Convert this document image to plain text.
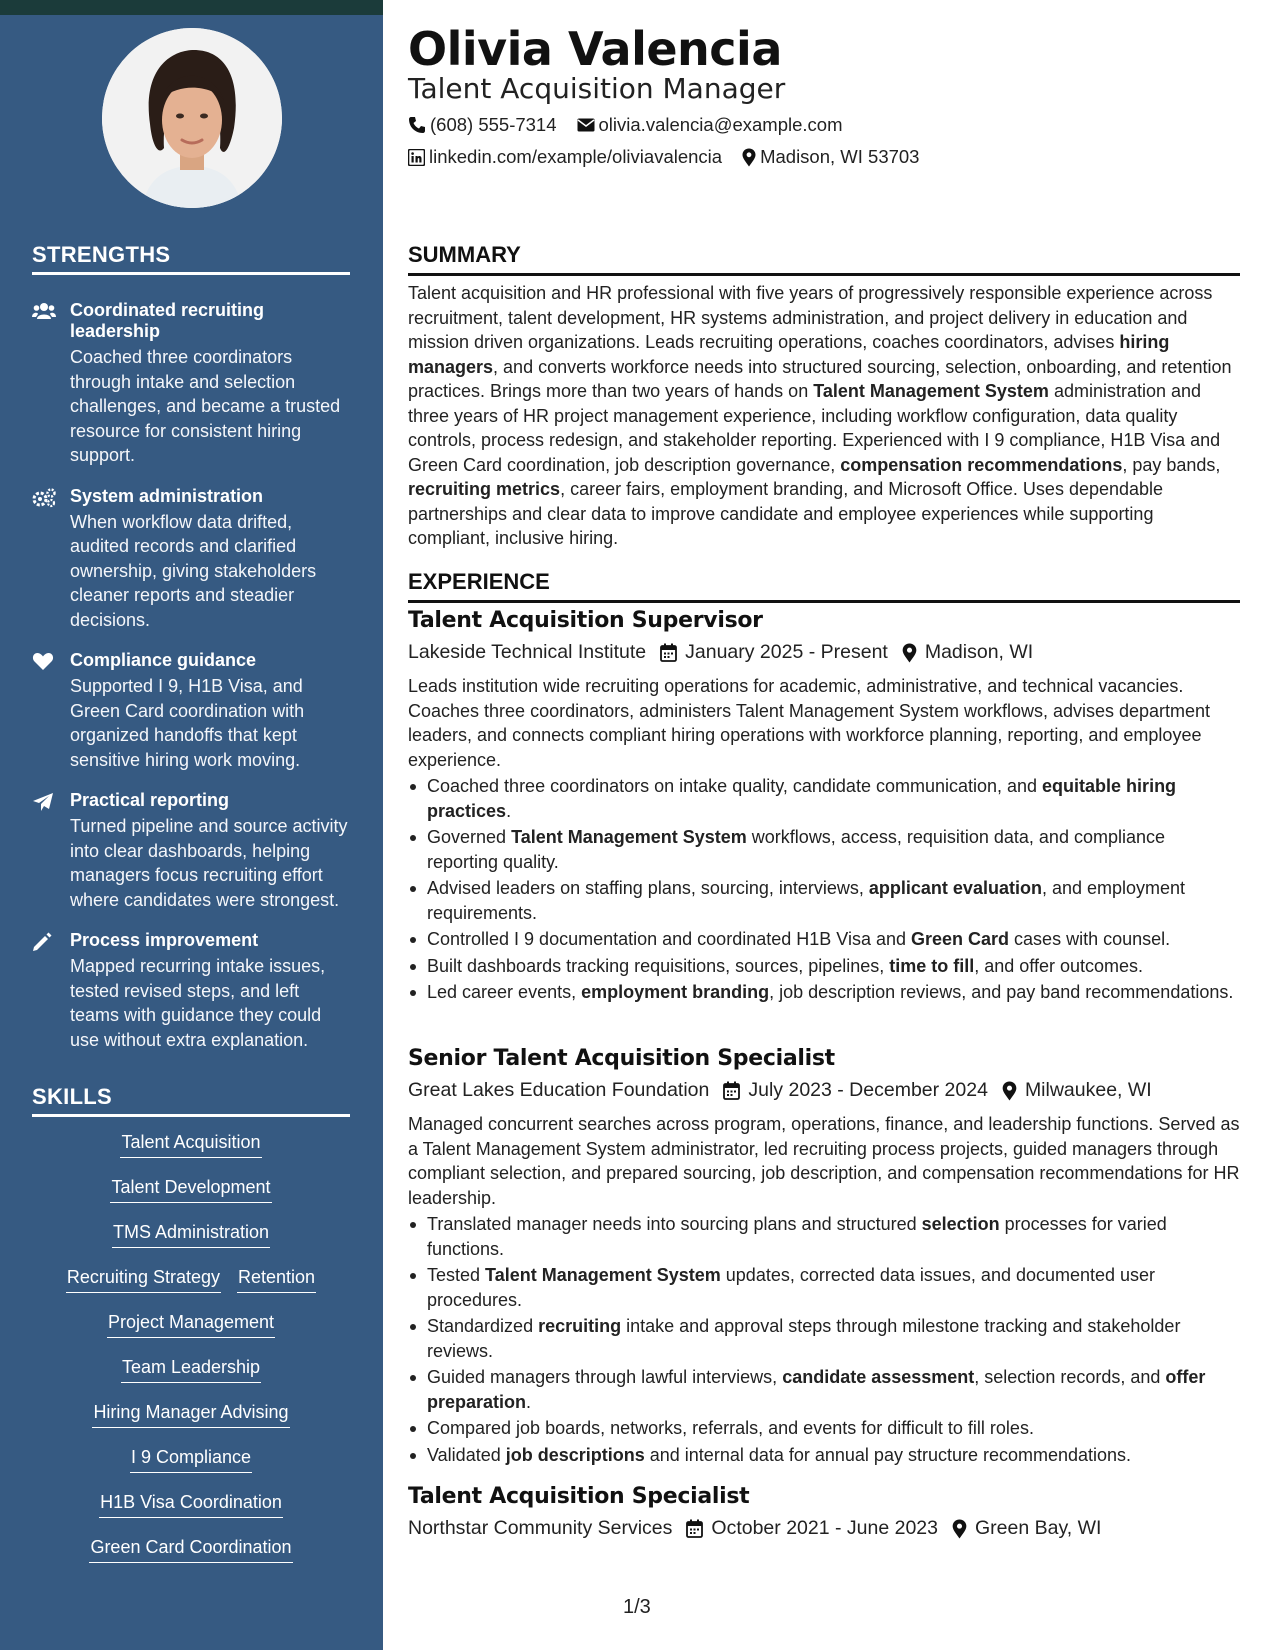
STRENGTHS
Coordinated recruiting leadership
Coached three coordinators through intake and selection challenges, and became a trusted resource for consistent hiring support.
System administration
When workflow data drifted, audited records and clarified ownership, giving stakeholders cleaner reports and steadier decisions.
Compliance guidance
Supported I 9, H1B Visa, and Green Card coordination with organized handoffs that kept sensitive hiring work moving.
Practical reporting
Turned pipeline and source activity into clear dashboards, helping managers focus recruiting effort where candidates were strongest.
Process improvement
Mapped recurring intake issues, tested revised steps, and left teams with guidance they could use without extra explanation.
SKILLS
Talent Acquisition
Talent Development
TMS Administration
Recruiting Strategy Retention
Project Management
Team Leadership
Hiring Manager Advising
I 9 Compliance
H1B Visa Coordination
Green Card Coordination
Olivia Valencia
Talent Acquisition Manager
(608) 555-7314 olivia.valencia@example.com
linkedin.com/example/oliviavalencia Madison, WI 53703
SUMMARY
Talent acquisition and HR professional with five years of progressively responsible experience across recruitment, talent development, HR systems administration, and project delivery in education and mission driven organizations. Leads recruiting operations, coaches coordinators, advises hiring managers, and converts workforce needs into structured sourcing, selection, onboarding, and retention practices. Brings more than two years of hands on Talent Management System administration and three years of HR project management experience, including workflow configuration, data quality controls, process redesign, and stakeholder reporting. Experienced with I 9 compliance, H1B Visa and Green Card coordination, job description governance, compensation recommendations, pay bands, recruiting metrics, career fairs, employment branding, and Microsoft Office. Uses dependable partnerships and clear data to improve candidate and employee experiences while supporting compliant, inclusive hiring.
EXPERIENCE
Talent Acquisition Supervisor
Lakeside Technical Institute January 2025 - Present Madison, WI
Leads institution wide recruiting operations for academic, administrative, and technical vacancies. Coaches three coordinators, administers Talent Management System workflows, advises department leaders, and connects compliant hiring operations with workforce planning, reporting, and employee experience.
Coached three coordinators on intake quality, candidate communication, and equitable hiring practices.
Governed Talent Management System workflows, access, requisition data, and compliance reporting quality.
Advised leaders on staffing plans, sourcing, interviews, applicant evaluation, and employment requirements.
Controlled I 9 documentation and coordinated H1B Visa and Green Card cases with counsel.
Built dashboards tracking requisitions, sources, pipelines, time to fill, and offer outcomes.
Led career events, employment branding, job description reviews, and pay band recommendations.
Senior Talent Acquisition Specialist
Great Lakes Education Foundation July 2023 - December 2024 Milwaukee, WI
Managed concurrent searches across program, operations, finance, and leadership functions. Served as a Talent Management System administrator, led recruiting process projects, guided managers through compliant selection, and prepared sourcing, job description, and compensation recommendations for HR leadership.
Translated manager needs into sourcing plans and structured selection processes for varied functions.
Tested Talent Management System updates, corrected data issues, and documented user procedures.
Standardized recruiting intake and approval steps through milestone tracking and stakeholder reviews.
Guided managers through lawful interviews, candidate assessment, selection records, and offer preparation.
Compared job boards, networks, referrals, and events for difficult to fill roles.
Validated job descriptions and internal data for annual pay structure recommendations.
Talent Acquisition Specialist
Northstar Community Services October 2021 - June 2023 Green Bay, WI
1/3
